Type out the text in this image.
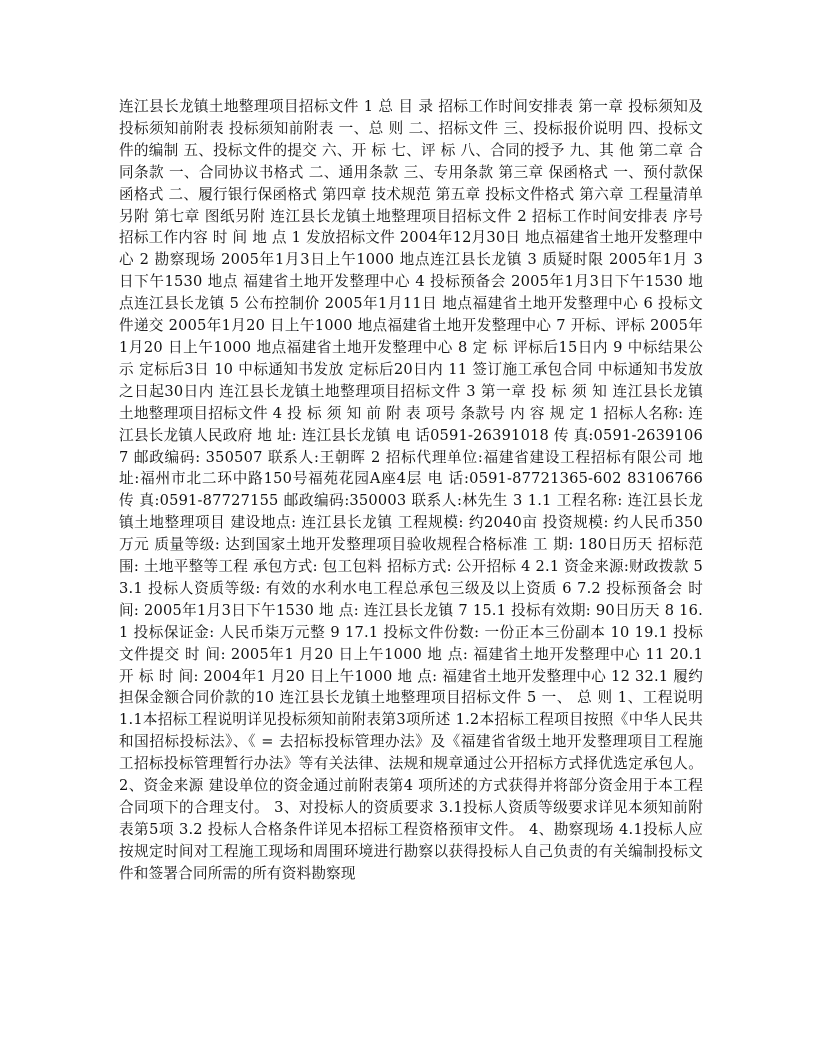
连江县长龙镇土地整理项目招标文件 1 总 目 录 招标工作时间安排表 第一章 投标须知及投标须知前附表 投标须知前附表 一、总 则 二、招标文件 三、投标报价说明 四、投标文件的编制 五、投标文件的提交 六、开 标 七、评 标 八、合同的授予 九、其 他 第二章 合同条款 一、合同协议书格式 二、通用条款 三、专用条款 第三章 保函格式 一、预付款保函格式 二、履行银行保函格式 第四章 技术规范 第五章 投标文件格式 第六章 工程量清单另附 第七章 图纸另附 连江县长龙镇土地整理项目招标文件 2 招标工作时间安排表 序号 招标工作内容 时 间 地 点 1 发放招标文件 2004年12月30日 地点福建省土地开发整理中心 2 勘察现场 2005年1月3日上午1000 地点连江县长龙镇 3 质疑时限 2005年1月 3 日下午1530 地点 福建省土地开发整理中心 4 投标预备会 2005年1月3日下午1530 地点连江县长龙镇 5 公布控制价 2005年1月11日 地点福建省土地开发整理中心 6 投标文件递交 2005年1月20 日上午1000 地点福建省土地开发整理中心 7 开标、评标 2005年1月20 日上午1000 地点福建省土地开发整理中心 8 定 标 评标后15日内 9 中标结果公示 定标后3日 10 中标通知书发放 定标后20日内 11 签订施工承包合同 中标通知书发放之日起30日内 连江县长龙镇土地整理项目招标文件 3 第一章 投 标 须 知 连江县长龙镇土地整理项目招标文件 4 投 标 须 知 前 附 表 项号 条款号 内 容 规 定 1 招标人名称: 连江县长龙镇人民政府 地 址: 连江县长龙镇 电 话0591-26391018 传 真:0591-26391067 邮政编码: 350507 联系人:王朝晖 2 招标代理单位:福建省建设工程招标有限公司 地 址:福州市北二环中路150号福苑花园A座4层 电 话:0591-87721365-602 83106766 传 真:0591-87727155 邮政编码:350003 联系人:林先生 3 1.1 工程名称: 连江县长龙镇土地整理项目 建设地点: 连江县长龙镇 工程规模: 约2040亩 投资规模: 约人民币350万元 质量等级: 达到国家土地开发整理项目验收规程合格标准 工 期: 180日历天 招标范围: 土地平整等工程 承包方式: 包工包料 招标方式: 公开招标 4 2.1 资金来源:财政拨款 5 3.1 投标人资质等级: 有效的水利水电工程总承包三级及以上资质 6 7.2 投标预备会 时 间: 2005年1月3日下午1530 地 点: 连江县长龙镇 7 15.1 投标有效期: 90日历天 8 16.1 投标保证金: 人民币柒万元整 9 17.1 投标文件份数: 一份正本三份副本 10 19.1 投标文件提交 时 间: 2005年1 月20 日上午1000 地 点: 福建省土地开发整理中心 11 20.1 开 标 时 间: 2004年1 月20 日上午1000 地 点: 福建省土地开发整理中心 12 32.1 履约担保金额合同价款的10 连江县长龙镇土地整理项目招标文件 5 一、 总 则 1、工程说明 1.1本招标工程说明详见投标须知前附表第3项所述 1.2本招标工程项目按照《中华人民共和国招标投标法》、《 = 去招标投标管理办法》及《福建省省级土地开发整理项目工程施工招标投标管理暂行办法》等有关法律、法规和规章通过公开招标方式择优选定承包人。 2、资金来源 建设单位的资金通过前附表第4 项所述的方式获得并将部分资金用于本工程合同项下的合理支付。 3、对投标人的资质要求 3.1投标人资质等级要求详见本须知前附表第5项 3.2 投标人合格条件详见本招标工程资格预审文件。 4、勘察现场 4.1投标人应按规定时间对工程施工现场和周围环境进行勘察以获得投标人自己负责的有关编制投标文件和签署合同所需的所有资料勘察现
